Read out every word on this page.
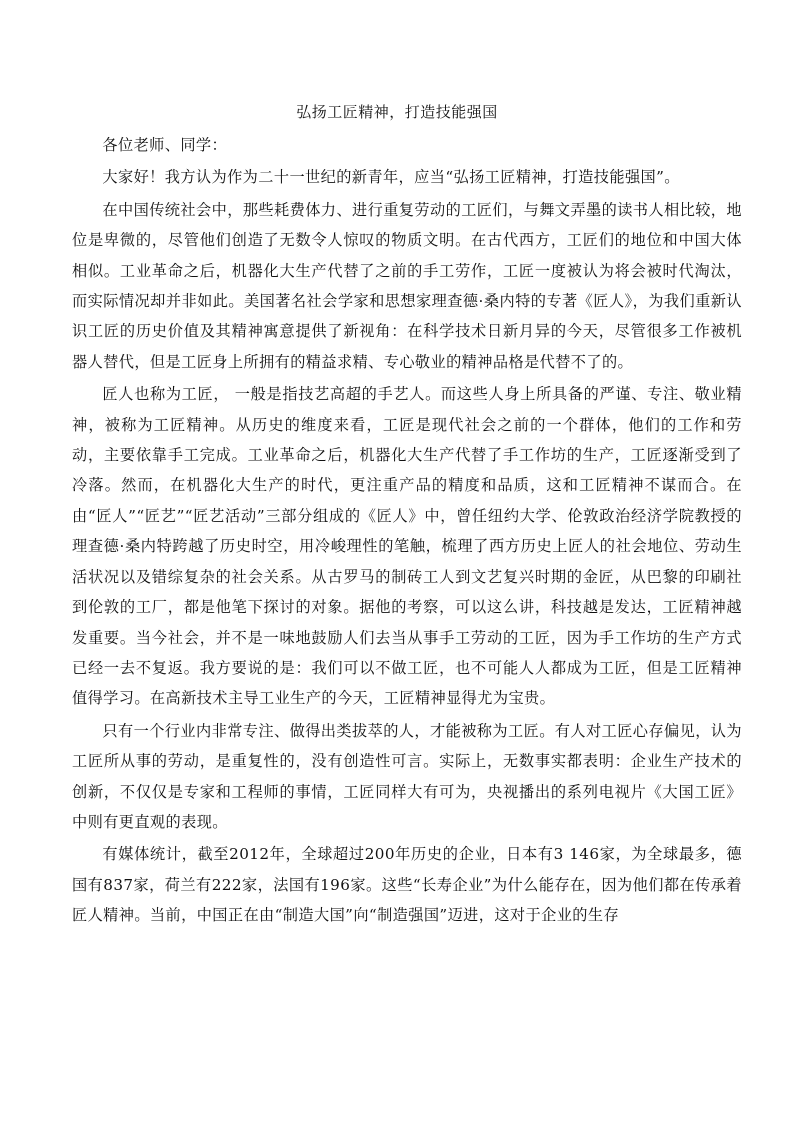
弘扬工匠精神，打造技能强国

各位老师、同学：

大家好！我方认为作为二十一世纪的新青年，应当“弘扬工匠精神，打造技能强国”。

在中国传统社会中，那些耗费体力、进行重复劳动的工匠们，与舞文弄墨的读书人相比较，地位是卑微的，尽管他们创造了无数令人惊叹的物质文明。在古代西方，工匠们的地位和中国大体相似。工业革命之后，机器化大生产代替了之前的手工劳作，工匠一度被认为将会被时代淘汰，而实际情况却并非如此。美国著名社会学家和思想家理查德·桑内特的专著《匠人》，为我们重新认识工匠的历史价值及其精神寓意提供了新视角：在科学技术日新月异的今天，尽管很多工作被机器人替代，但是工匠身上所拥有的精益求精、专心敬业的精神品格是代替不了的。

匠人也称为工匠， 一般是指技艺高超的手艺人。而这些人身上所具备的严谨、专注、敬业精神，被称为工匠精神。从历史的维度来看，工匠是现代社会之前的一个群体，他们的工作和劳动，主要依靠手工完成。工业革命之后，机器化大生产代替了手工作坊的生产，工匠逐渐受到了冷落。然而，在机器化大生产的时代，更注重产品的精度和品质，这和工匠精神不谋而合。在由“匠人”“匠艺”“匠艺活动”三部分组成的《匠人》中，曾任纽约大学、伦敦政治经济学院教授的理查德·桑内特跨越了历史时空，用冷峻理性的笔触，梳理了西方历史上匠人的社会地位、劳动生活状况以及错综复杂的社会关系。从古罗马的制砖工人到文艺复兴时期的金匠，从巴黎的印刷社到伦敦的工厂，都是他笔下探讨的对象。据他的考察，可以这么讲，科技越是发达，工匠精神越发重要。当今社会，并不是一味地鼓励人们去当从事手工劳动的工匠，因为手工作坊的生产方式已经一去不复返。我方要说的是：我们可以不做工匠，也不可能人人都成为工匠，但是工匠精神值得学习。在高新技术主导工业生产的今天，工匠精神显得尤为宝贵。

只有一个行业内非常专注、做得出类拔萃的人，才能被称为工匠。有人对工匠心存偏见，认为工匠所从事的劳动，是重复性的，没有创造性可言。实际上，无数事实都表明：企业生产技术的创新，不仅仅是专家和工程师的事情，工匠同样大有可为，央视播出的系列电视片《大国工匠》中则有更直观的表现。

有媒体统计，截至2012年，全球超过200年历史的企业，日本有3 146家，为全球最多，德国有837家，荷兰有222家，法国有196家。这些“长寿企业”为什么能存在，因为他们都在传承着匠人精神。当前，中国正在由“制造大国”向“制造强国”迈进，这对于企业的生存
